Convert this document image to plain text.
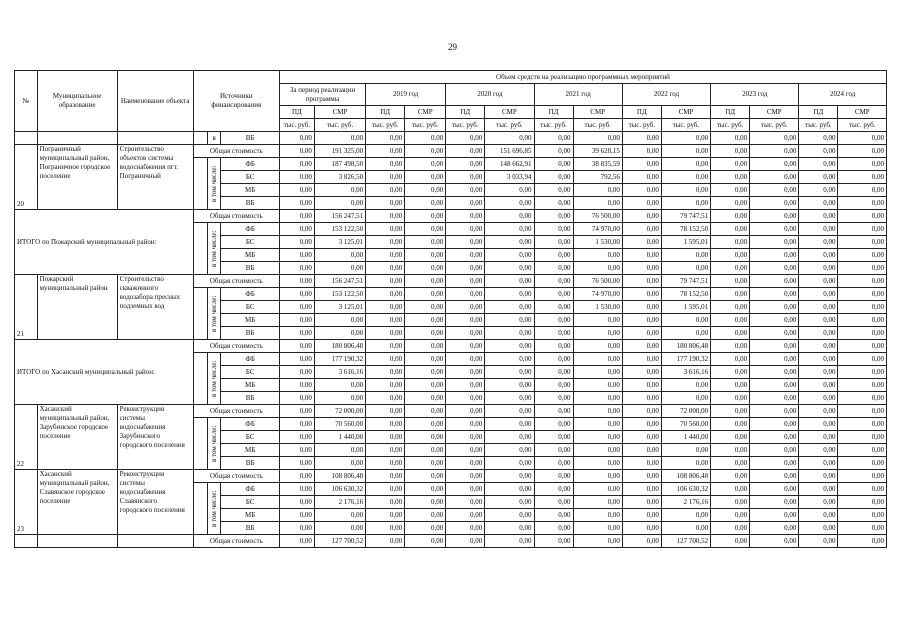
29
№	Муниципальное образование	Наименование объекта	Источники финансирования			Объем средств на реализацию программных мероприятий													
						За период реализации программы		2019 год		2020 год		2021 год		2022 год		2023 год		2024 год	
						ПД	СМР	ПД	СМР	ПД	СМР	ПД	СМР	ПД	СМР	ПД	СМР	ПД	СМР
						тыс. руб.	тыс. руб.	тыс. руб.	тыс. руб.	тыс. руб.	тыс. руб.	тыс. руб.	тыс. руб.	тыс. руб.	тыс. руб.	тыс. руб.	тыс. руб.	тыс. руб.	тыс. руб.
				в	ВБ	0,00	0,00	0,00	0,00	0,00	0,00	0,00	0,00	0,00	0,00	0,00	0,00	0,00	0,00
20	Пограничный муниципальный район, Пограничное городское поселение	Строительство объектов системы водоснабжения пгт. Пограничный	Общая стоимость			0,00	191 325,00	0,00	0,00	0,00	151 696,85	0,00	39 628,15	0,00	0,00	0,00	0,00	0,00	0,00
				в том числе:	ФБ	0,00	187 498,50	0,00	0,00	0,00	148 662,91	0,00	38 835,59	0,00	0,00	0,00	0,00	0,00	0,00
					БС	0,00	3 826,50	0,00	0,00	0,00	3 033,94	0,00	792,56	0,00	0,00	0,00	0,00	0,00	0,00
					МБ	0,00	0,00	0,00	0,00	0,00	0,00	0,00	0,00	0,00	0,00	0,00	0,00	0,00	0,00
					ВБ	0,00	0,00	0,00	0,00	0,00	0,00	0,00	0,00	0,00	0,00	0,00	0,00	0,00	0,00
ИТОГО по Пожарский муниципальный район:			Общая стоимость			0,00	156 247,51	0,00	0,00	0,00	0,00	0,00	76 500,00	0,00	79 747,51	0,00	0,00	0,00	0,00
				в том числе:	ФБ	0,00	153 122,50	0,00	0,00	0,00	0,00	0,00	74 970,00	0,00	78 152,50	0,00	0,00	0,00	0,00
					БС	0,00	3 125,01	0,00	0,00	0,00	0,00	0,00	1 530,00	0,00	1 595,01	0,00	0,00	0,00	0,00
					МБ	0,00	0,00	0,00	0,00	0,00	0,00	0,00	0,00	0,00	0,00	0,00	0,00	0,00	0,00
					ВБ	0,00	0,00	0,00	0,00	0,00	0,00	0,00	0,00	0,00	0,00	0,00	0,00	0,00	0,00
21	Пожарский муниципальный район	Строительство скважинного водозабора пресных подземных вод	Общая стоимость			0,00	156 247,51	0,00	0,00	0,00	0,00	0,00	76 500,00	0,00	79 747,51	0,00	0,00	0,00	0,00
				в том числе:	ФБ	0,00	153 122,50	0,00	0,00	0,00	0,00	0,00	74 970,00	0,00	78 152,50	0,00	0,00	0,00	0,00
					БС	0,00	3 125,01	0,00	0,00	0,00	0,00	0,00	1 530,00	0,00	1 595,01	0,00	0,00	0,00	0,00
					МБ	0,00	0,00	0,00	0,00	0,00	0,00	0,00	0,00	0,00	0,00	0,00	0,00	0,00	0,00
					ВБ	0,00	0,00	0,00	0,00	0,00	0,00	0,00	0,00	0,00	0,00	0,00	0,00	0,00	0,00
ИТОГО по Хасанский муниципальный район:			Общая стоимость			0,00	180 806,48	0,00	0,00	0,00	0,00	0,00	0,00	0,00	180 806,48	0,00	0,00	0,00	0,00
				в том числе:	ФБ	0,00	177 190,32	0,00	0,00	0,00	0,00	0,00	0,00	0,00	177 190,32	0,00	0,00	0,00	0,00
					БС	0,00	3 616,16	0,00	0,00	0,00	0,00	0,00	0,00	0,00	3 616,16	0,00	0,00	0,00	0,00
					МБ	0,00	0,00	0,00	0,00	0,00	0,00	0,00	0,00	0,00	0,00	0,00	0,00	0,00	0,00
					ВБ	0,00	0,00	0,00	0,00	0,00	0,00	0,00	0,00	0,00	0,00	0,00	0,00	0,00	0,00
22	Хасанский муниципальный район, Зарубинское городское поселение	Реконструкция системы водоснабжения Зарубинского городского поселения	Общая стоимость			0,00	72 000,00	0,00	0,00	0,00	0,00	0,00	0,00	0,00	72 000,00	0,00	0,00	0,00	0,00
				в том числе:	ФБ	0,00	70 560,00	0,00	0,00	0,00	0,00	0,00	0,00	0,00	70 560,00	0,00	0,00	0,00	0,00
					БС	0,00	1 440,00	0,00	0,00	0,00	0,00	0,00	0,00	0,00	1 440,00	0,00	0,00	0,00	0,00
					МБ	0,00	0,00	0,00	0,00	0,00	0,00	0,00	0,00	0,00	0,00	0,00	0,00	0,00	0,00
					ВБ	0,00	0,00	0,00	0,00	0,00	0,00	0,00	0,00	0,00	0,00	0,00	0,00	0,00	0,00
23	Хасанский муниципальный район, Славянское городское поселение	Реконструкция системы водоснабжения Славянского городского поселения	Общая стоимость			0,00	108 806,48	0,00	0,00	0,00	0,00	0,00	0,00	0,00	108 806,48	0,00	0,00	0,00	0,00
				в том числе:	ФБ	0,00	106 630,32	0,00	0,00	0,00	0,00	0,00	0,00	0,00	106 630,32	0,00	0,00	0,00	0,00
					БС	0,00	2 176,16	0,00	0,00	0,00	0,00	0,00	0,00	0,00	2 176,16	0,00	0,00	0,00	0,00
					МБ	0,00	0,00	0,00	0,00	0,00	0,00	0,00	0,00	0,00	0,00	0,00	0,00	0,00	0,00
					ВБ	0,00	0,00	0,00	0,00	0,00	0,00	0,00	0,00	0,00	0,00	0,00	0,00	0,00	0,00
			Общая стоимость			0,00	127 700,52	0,00	0,00	0,00	0,00	0,00	0,00	0,00	127 700,52	0,00	0,00	0,00	0,00
